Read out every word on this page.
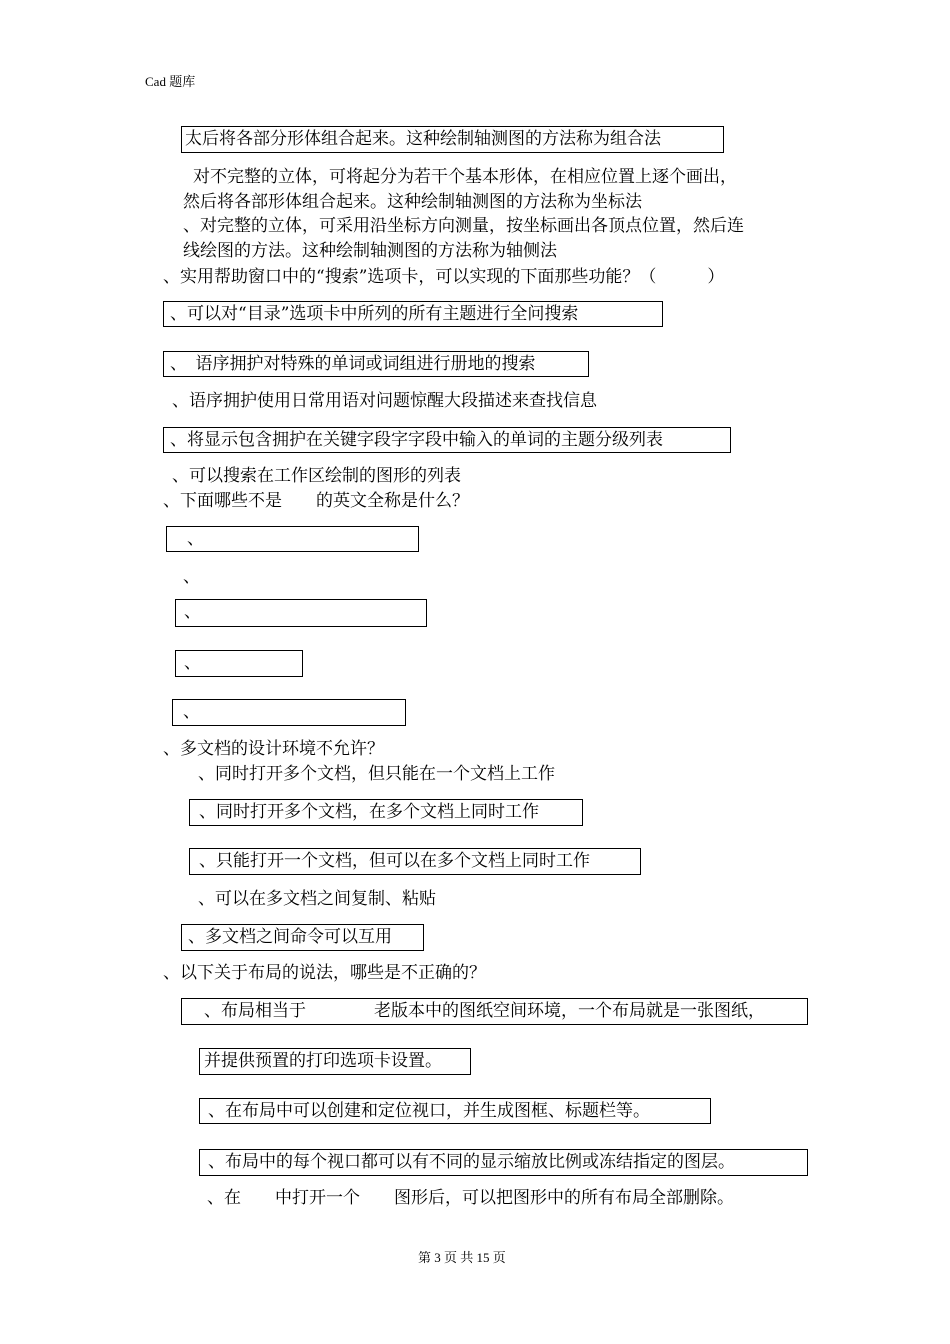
Cad 题库
太后将各部分形体组合起来。这种绘制轴测图的方法称为组合法
对不完整的立体，可将起分为若干个基本形体，在相应位置上逐个画出，
然后将各部形体组合起来。这种绘制轴测图的方法称为坐标法
、对完整的立体，可采用沿坐标方向测量，按坐标画出各顶点位置，然后连
线绘图的方法。这种绘制轴测图的方法称为轴侧法
、实用帮助窗口中的“搜索”选项卡，可以实现的下面那些功能？（　　　）
、可以对“目录”选项卡中所列的所有主题进行全问搜索
、　语序拥护对特殊的单词或词组进行册地的搜索
、语序拥护使用日常用语对问题惊醒大段描述来查找信息
、将显示包含拥护在关键字段字字段中输入的单词的主题分级列表
、可以搜索在工作区绘制的图形的列表
、下面哪些不是　　的英文全称是什么？
、
、
、
、
、
、多文档的设计环境不允许？
、同时打开多个文档，但只能在一个文档上工作
、同时打开多个文档，在多个文档上同时工作
、只能打开一个文档，但可以在多个文档上同时工作
、可以在多文档之间复制、粘贴
、多文档之间命令可以互用
、以下关于布局的说法，哪些是不正确的？
、布局相当于　　　　老版本中的图纸空间环境，一个布局就是一张图纸，
并提供预置的打印选项卡设置。
、在布局中可以创建和定位视口，并生成图框、标题栏等。
、布局中的每个视口都可以有不同的显示缩放比例或冻结指定的图层。
、在　　中打开一个　　图形后，可以把图形中的所有布局全部删除。
第 3 页 共 15 页
